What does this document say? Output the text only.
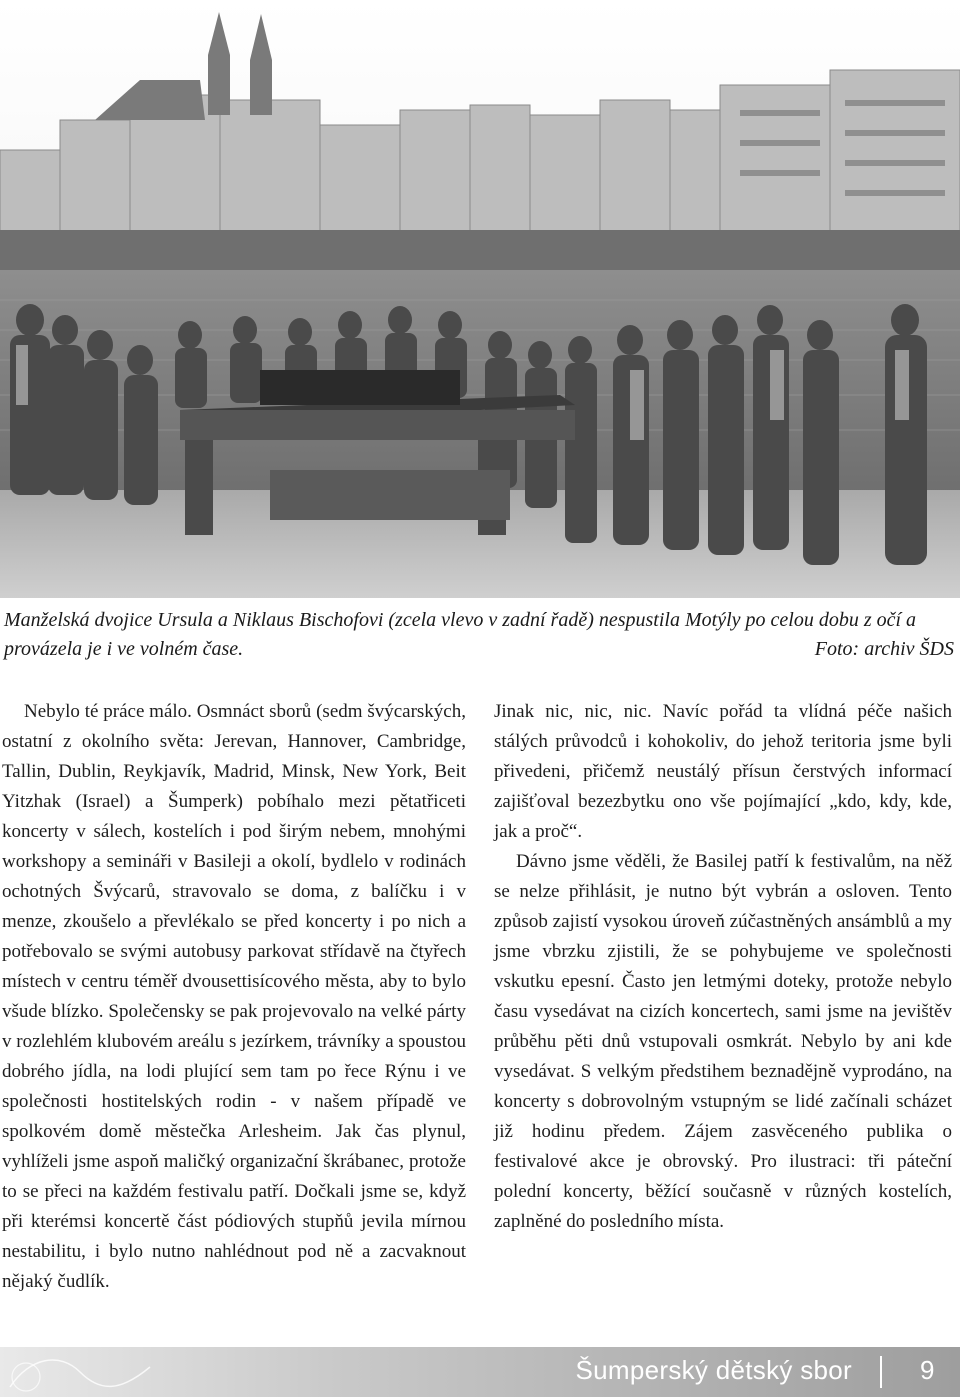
Manželská dvojice Ursula a Niklaus Bischofovi (zcela vlevo v zadní řadě) nespustila Motýly po celou dobu z očí a provázela je i ve volném čase.	Foto: archiv ŠDS

Nebylo té práce málo. Osmnáct sborů (sedm švýcarských, ostatní z okolního světa: Jerevan, Hannover, Cambridge, Tallin, Dublin, Reykjavík, Madrid, Minsk, New York, Beit Yitzhak (Israel) a Šumperk) pobíhalo mezi pětatřiceti koncerty v sálech, kostelích i pod širým nebem, mnohými workshopy a semináři v Basileji a okolí, bydlelo v rodinách ochotných Švýcarů, stravovalo se doma, z balíčku i v menze, zkoušelo a převlékalo se před koncerty i po nich a potřebovalo se svými autobusy parkovat střídavě na čtyřech místech v centru téměř dvousettisícového města, aby to bylo všude blízko. Společensky se pak projevovalo na velké párty v rozlehlém klubovém areálu s jezírkem, trávníky a spoustou dobrého jídla, na lodi plující sem tam po řece Rýnu i ve společnosti hostitelských rodin - v našem případě ve spolkovém domě městečka Arlesheim. Jak čas plynul, vyhlíželi jsme aspoň maličký organizační škrábanec, protože to se přeci na každém festivalu patří. Dočkali jsme se, když při kterémsi koncertě část pódiových stupňů jevila mírnou nestabilitu, i bylo nutno nahlédnout pod ně a zacvaknout nějaký čudlík.

Jinak nic, nic, nic. Navíc pořád ta vlídná péče našich stálých průvodců i kohokoliv, do jehož teritoria jsme byli přivedeni, přičemž neustálý přísun čerstvých informací zajišťoval bezezbytku ono vše pojímající „kdo, kdy, kde, jak a proč“.

Dávno jsme věděli, že Basilej patří k festivalům, na něž se nelze přihlásit, je nutno být vybrán a osloven. Tento způsob zajistí vysokou úroveň zúčastněných ansámblů a my jsme vbrzku zjistili, že se pohybujeme ve společnosti vskutku epesní. Často jen letmými doteky, protože nebylo času vysedávat na cizích koncertech, sami jsme na jevištěv průběhu pěti dnů vstupovali osmkrát. Nebylo by ani kde vysedávat. S velkým předstihem beznadějně vyprodáno, na koncerty s dobrovolným vstupným se lidé začínali scházet již hodinu předem. Zájem zasvěceného publika o festivalové akce je obrovský. Pro ilustraci: tři páteční polední koncerty, běžící současně v různých kostelích, zaplněné do posledního místa.

Šumperský dětský sbor	9
